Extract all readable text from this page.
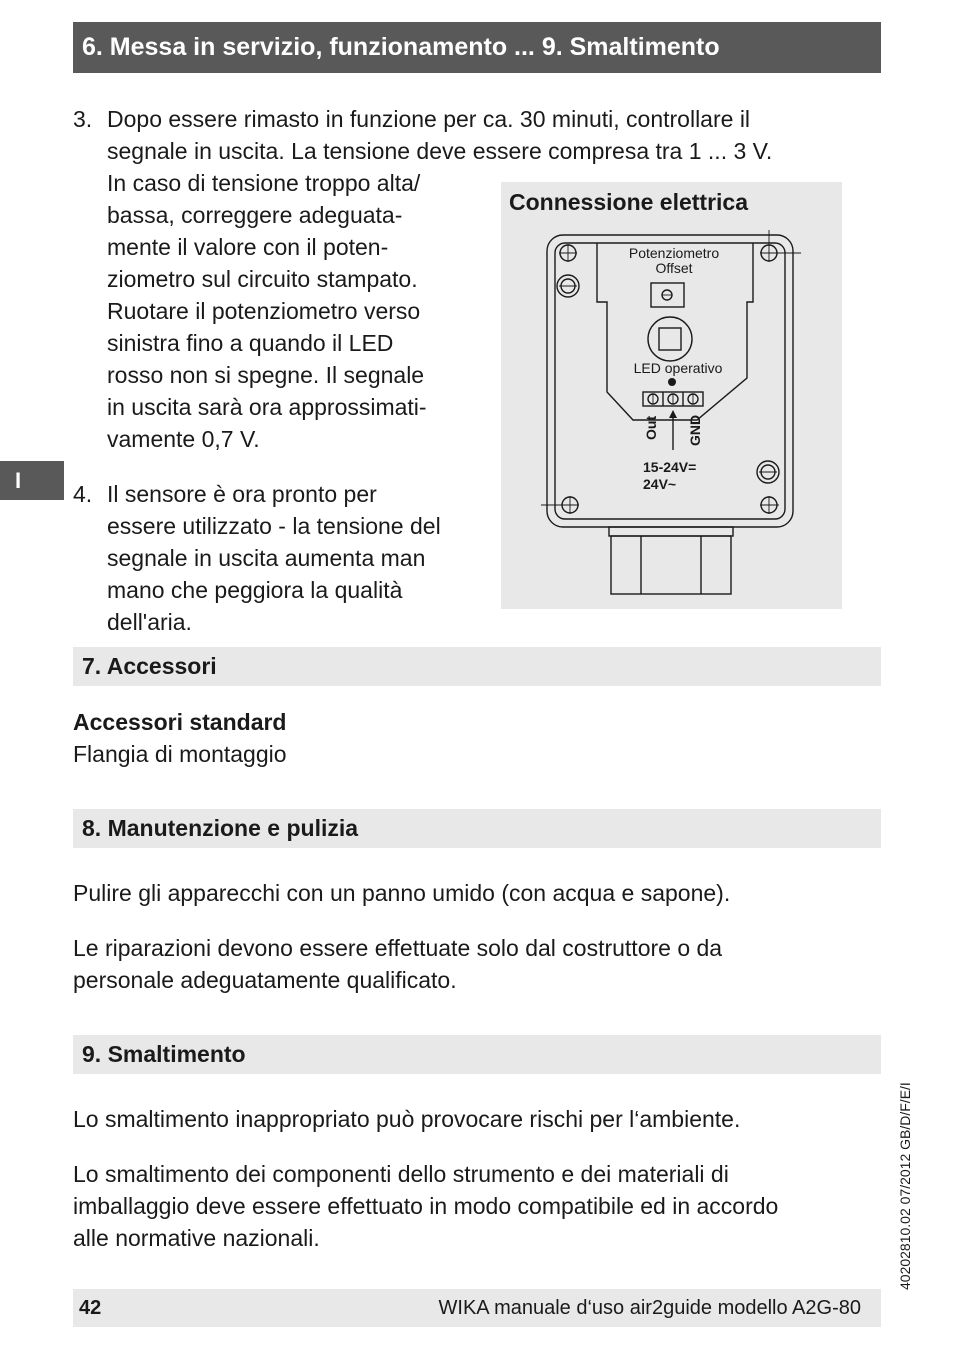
6. Messa in servizio, funzionamento ... 9. Smaltimento
I
3. Dopo essere rimasto in funzione per ca. 30 minuti, controllare il
segnale in uscita. La tensione deve essere compresa tra 1 ... 3 V.
In caso di tensione troppo alta/
bassa, correggere adeguata-
mente il valore con il poten-
ziometro sul circuito stampato.
Ruotare il potenziometro verso
sinistra fino a quando il LED
rosso non si spegne. Il segnale
in uscita sarà ora approssimati-
vamente 0,7 V.
4. Il sensore è ora pronto per
essere utilizzato - la tensione del
segnale in uscita aumenta man
mano che peggiora la qualità
dell'aria.
Potenziometro
Offset
LED operativo
Out GND
15-24V=
24V~
Connessione elettrica
7. Accessori
Accessori standard
Flangia di montaggio
8. Manutenzione e pulizia
Pulire gli apparecchi con un panno umido (con acqua e sapone).
Le riparazioni devono essere effettuate solo dal costruttore o da
personale adeguatamente qualificato.
9. Smaltimento
Lo smaltimento inappropriato può provocare rischi per l‘ambiente.
Lo smaltimento dei componenti dello strumento e dei materiali di
imballaggio deve essere effettuato in modo compatibile ed in accordo
alle normative nazionali.	40202810.02 07/2012 GB/D/F/E/I
42	WIKA manuale d‘uso air2guide modello A2G-80
